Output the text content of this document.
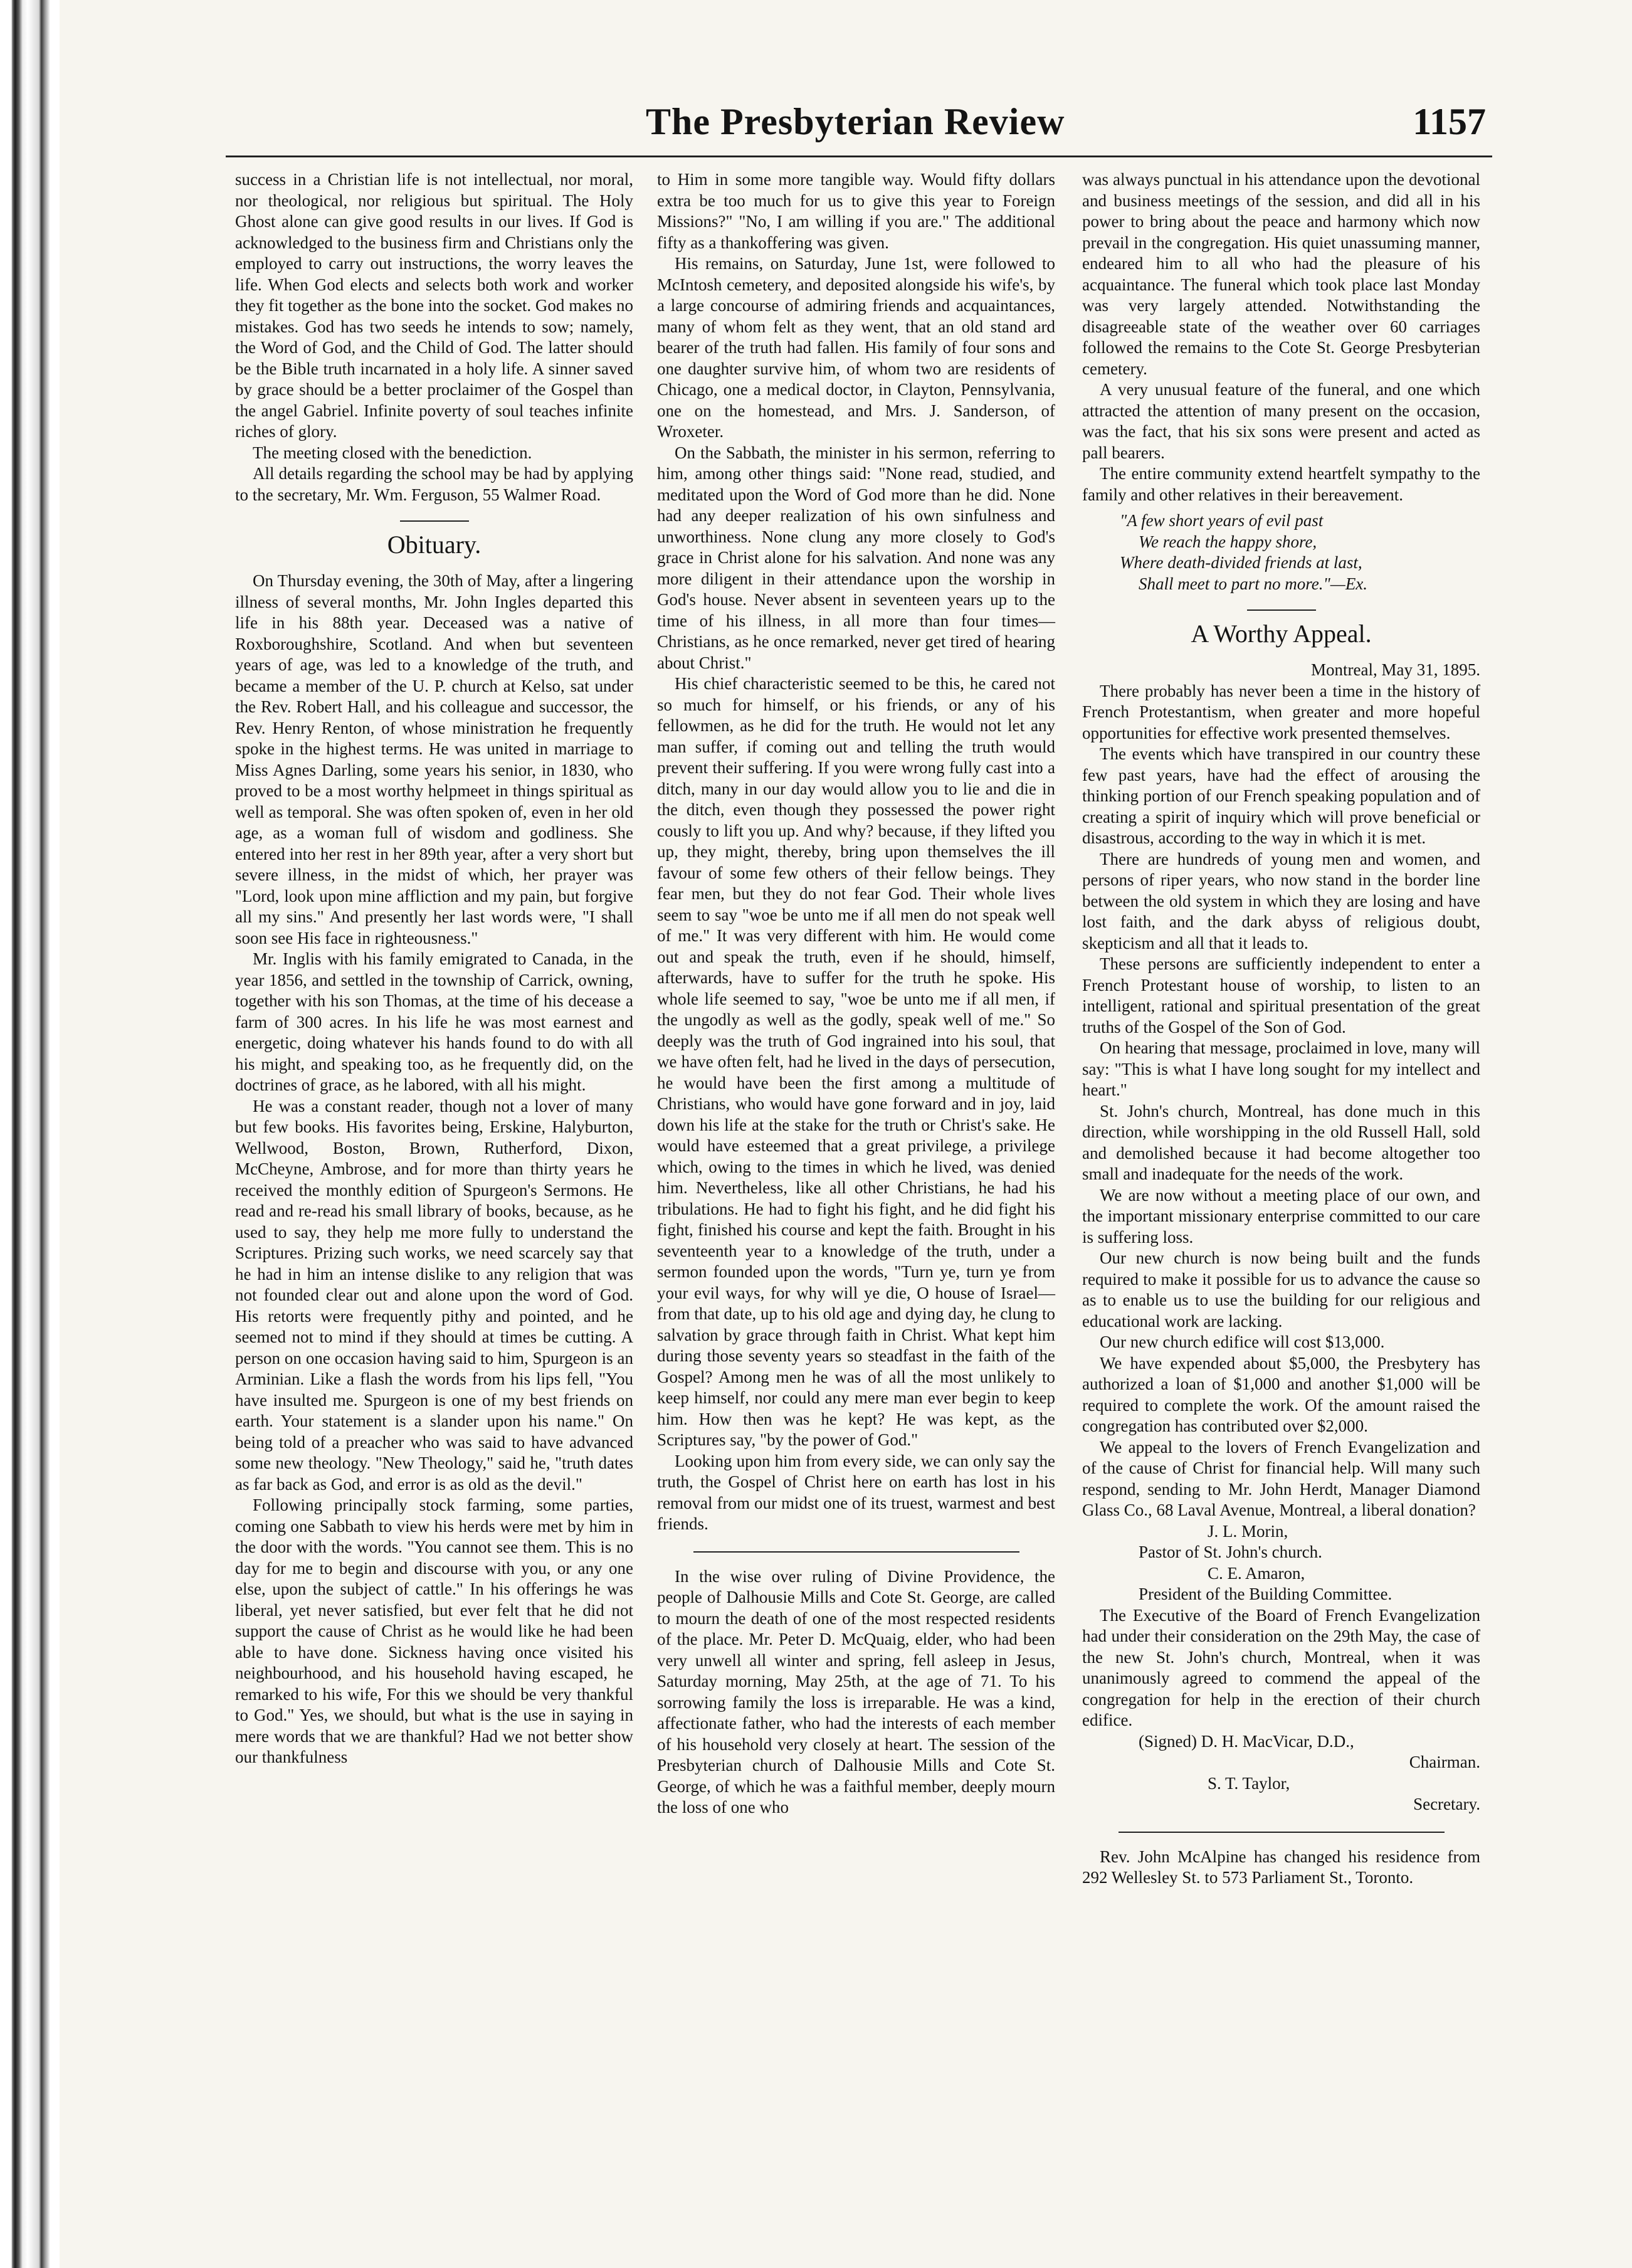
The Presbyterian Review	1157

success in a Christian life is not intellectual, nor moral, nor theological, nor religious but spiritual. The Holy Ghost alone can give good results in our lives. If God is acknowledged to the business firm and Christians only the employed to carry out instructions, the worry leaves the life. When God elects and selects both work and worker they fit together as the bone into the socket. God makes no mistakes. God has two seeds he intends to sow; namely, the Word of God, and the Child of God. The latter should be the Bible truth incarnated in a holy life. A sinner saved by grace should be a better proclaimer of the Gospel than the angel Gabriel. Infinite poverty of soul teaches infinite riches of glory.

The meeting closed with the benediction.

All details regarding the school may be had by applying to the secretary, Mr. Wm. Ferguson, 55 Walmer Road.

Obituary.

On Thursday evening, the 30th of May, after a lingering illness of several months, Mr. John Ingles departed this life in his 88th year. Deceased was a native of Roxboroughshire, Scotland. And when but seventeen years of age, was led to a knowledge of the truth, and became a member of the U. P. church at Kelso, sat under the Rev. Robert Hall, and his colleague and successor, the Rev. Henry Renton, of whose ministration he frequently spoke in the highest terms. He was united in marriage to Miss Agnes Darling, some years his senior, in 1830, who proved to be a most worthy helpmeet in things spiritual as well as temporal. She was often spoken of, even in her old age, as a woman full of wisdom and godliness. She entered into her rest in her 89th year, after a very short but severe illness, in the midst of which, her prayer was "Lord, look upon mine affliction and my pain, but forgive all my sins." And presently her last words were, "I shall soon see His face in righteousness."

Mr. Inglis with his family emigrated to Canada, in the year 1856, and settled in the township of Carrick, owning, together with his son Thomas, at the time of his decease a farm of 300 acres. In his life he was most earnest and energetic, doing whatever his hands found to do with all his might, and speaking too, as he frequently did, on the doctrines of grace, as he labored, with all his might.

He was a constant reader, though not a lover of many but few books. His favorites being, Erskine, Halyburton, Wellwood, Boston, Brown, Rutherford, Dixon, McCheyne, Ambrose, and for more than thirty years he received the monthly edition of Spurgeon's Sermons. He read and re-read his small library of books, because, as he used to say, they help me more fully to understand the Scriptures. Prizing such works, we need scarcely say that he had in him an intense dislike to any religion that was not founded clear out and alone upon the word of God. His retorts were frequently pithy and pointed, and he seemed not to mind if they should at times be cutting. A person on one occasion having said to him, Spurgeon is an Arminian. Like a flash the words from his lips fell, "You have insulted me. Spurgeon is one of my best friends on earth. Your statement is a slander upon his name." On being told of a preacher who was said to have advanced some new theology. "New Theology," said he, "truth dates as far back as God, and error is as old as the devil."

Following principally stock farming, some parties, coming one Sabbath to view his herds were met by him in the door with the words. "You cannot see them. This is no day for me to begin and discourse with you, or any one else, upon the subject of cattle." In his offerings he was liberal, yet never satisfied, but ever felt that he did not support the cause of Christ as he would like he had been able to have done. Sickness having once visited his neighbourhood, and his household having escaped, he remarked to his wife, For this we should be very thankful to God." Yes, we should, but what is the use in saying in mere words that we are thankful? Had we not better show our thankfulness

to Him in some more tangible way. Would fifty dollars extra be too much for us to give this year to Foreign Missions?" "No, I am willing if you are." The additional fifty as a thankoffering was given.

His remains, on Saturday, June 1st, were followed to McIntosh cemetery, and deposited alongside his wife's, by a large concourse of admiring friends and acquaintances, many of whom felt as they went, that an old stand ard bearer of the truth had fallen. His family of four sons and one daughter survive him, of whom two are residents of Chicago, one a medical doctor, in Clayton, Pennsylvania, one on the homestead, and Mrs. J. Sanderson, of Wroxeter.

On the Sabbath, the minister in his sermon, referring to him, among other things said: "None read, studied, and meditated upon the Word of God more than he did. None had any deeper realization of his own sinfulness and unworthiness. None clung any more closely to God's grace in Christ alone for his salvation. And none was any more diligent in their attendance upon the worship in God's house. Never absent in seventeen years up to the time of his illness, in all more than four times—Christians, as he once remarked, never get tired of hearing about Christ."

His chief characteristic seemed to be this, he cared not so much for himself, or his friends, or any of his fellowmen, as he did for the truth. He would not let any man suffer, if coming out and telling the truth would prevent their suffering. If you were wrong fully cast into a ditch, many in our day would allow you to lie and die in the ditch, even though they possessed the power right cously to lift you up. And why? because, if they lifted you up, they might, thereby, bring upon themselves the ill favour of some few others of their fellow beings. They fear men, but they do not fear God. Their whole lives seem to say "woe be unto me if all men do not speak well of me." It was very different with him. He would come out and speak the truth, even if he should, himself, afterwards, have to suffer for the truth he spoke. His whole life seemed to say, "woe be unto me if all men, if the ungodly as well as the godly, speak well of me." So deeply was the truth of God ingrained into his soul, that we have often felt, had he lived in the days of persecution, he would have been the first among a multitude of Christians, who would have gone forward and in joy, laid down his life at the stake for the truth or Christ's sake. He would have esteemed that a great privilege, a privilege which, owing to the times in which he lived, was denied him. Nevertheless, like all other Christians, he had his tribulations. He had to fight his fight, and he did fight his fight, finished his course and kept the faith. Brought in his seventeenth year to a knowledge of the truth, under a sermon founded upon the words, "Turn ye, turn ye from your evil ways, for why will ye die, O house of Israel—from that date, up to his old age and dying day, he clung to salvation by grace through faith in Christ. What kept him during those seventy years so steadfast in the faith of the Gospel? Among men he was of all the most unlikely to keep himself, nor could any mere man ever begin to keep him. How then was he kept? He was kept, as the Scriptures say, "by the power of God."

Looking upon him from every side, we can only say the truth, the Gospel of Christ here on earth has lost in his removal from our midst one of its truest, warmest and best friends.

In the wise over ruling of Divine Providence, the people of Dalhousie Mills and Cote St. George, are called to mourn the death of one of the most respected residents of the place. Mr. Peter D. McQuaig, elder, who had been very unwell all winter and spring, fell asleep in Jesus, Saturday morning, May 25th, at the age of 71. To his sorrowing family the loss is irreparable. He was a kind, affectionate father, who had the interests of each member of his household very closely at heart. The session of the Presbyterian church of Dalhousie Mills and Cote St. George, of which he was a faithful member, deeply mourn the loss of one who

was always punctual in his attendance upon the devotional and business meetings of the session, and did all in his power to bring about the peace and harmony which now prevail in the congregation. His quiet unassuming manner, endeared him to all who had the pleasure of his acquaintance. The funeral which took place last Monday was very largely attended. Notwithstanding the disagreeable state of the weather over 60 carriages followed the remains to the Cote St. George Presbyterian cemetery.

A very unusual feature of the funeral, and one which attracted the attention of many present on the occasion, was the fact, that his six sons were present and acted as pall bearers.

The entire community extend heartfelt sympathy to the family and other relatives in their bereavement.

"A few short years of evil past
We reach the happy shore,
Where death-divided friends at last,
Shall meet to part no more."—Ex.
A Worthy Appeal.

Montreal, May 31, 1895.

There probably has never been a time in the history of French Protestantism, when greater and more hopeful opportunities for effective work presented themselves.

The events which have transpired in our country these few past years, have had the effect of arousing the thinking portion of our French speaking population and of creating a spirit of inquiry which will prove beneficial or disastrous, according to the way in which it is met.

There are hundreds of young men and women, and persons of riper years, who now stand in the border line between the old system in which they are losing and have lost faith, and the dark abyss of religious doubt, skepticism and all that it leads to.

These persons are sufficiently independent to enter a French Protestant house of worship, to listen to an intelligent, rational and spiritual presentation of the great truths of the Gospel of the Son of God.

On hearing that message, proclaimed in love, many will say: "This is what I have long sought for my intellect and heart."

St. John's church, Montreal, has done much in this direction, while worshipping in the old Russell Hall, sold and demolished because it had become altogether too small and inadequate for the needs of the work.

We are now without a meeting place of our own, and the important missionary enterprise committed to our care is suffering loss.

Our new church is now being built and the funds required to make it possible for us to advance the cause so as to enable us to use the building for our religious and educational work are lacking.

Our new church edifice will cost $13,000.

We have expended about $5,000, the Presbytery has authorized a loan of $1,000 and another $1,000 will be required to complete the work. Of the amount raised the congregation has contributed over $2,000.

We appeal to the lovers of French Evangelization and of the cause of Christ for financial help. Will many such respond, sending to Mr. John Herdt, Manager Diamond Glass Co., 68 Laval Avenue, Montreal, a liberal donation?

J. L. Morin,

Pastor of St. John's church.

C. E. Amaron,

President of the Building Committee.

The Executive of the Board of French Evangelization had under their consideration on the 29th May, the case of the new St. John's church, Montreal, when it was unanimously agreed to commend the appeal of the congregation for help in the erection of their church edifice.

(Signed) D. H. MacVicar, D.D.,

Chairman.

S. T. Taylor,

Secretary.

Rev. John McAlpine has changed his residence from 292 Wellesley St. to 573 Parliament St., Toronto.
